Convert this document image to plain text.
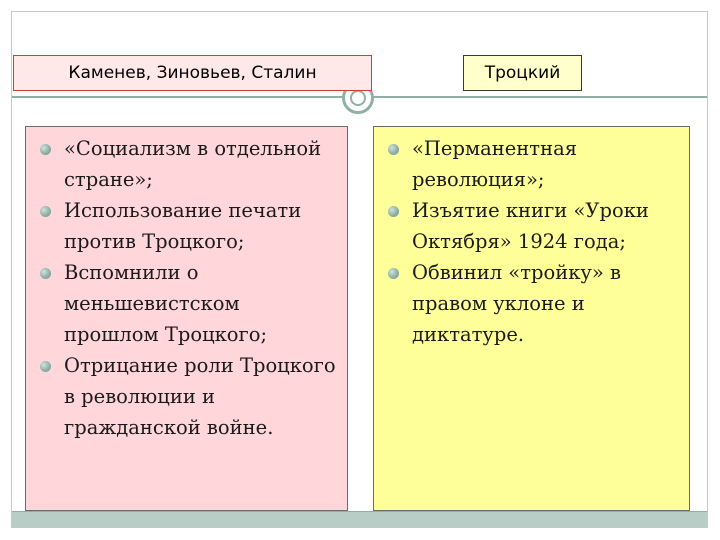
Каменев, Зиновьев, Сталин	Троцкий
«Социализм в отдельной стране»;
Использование печати против Троцкого;
Вспомнили о меньшевистском прошлом Троцкого;
Отрицание роли Троцкого в революции и гражданской войне.
«Перманентная революция»;
Изъятие книги «Уроки Октября» 1924 года;
Обвинил «тройку» в правом уклоне и диктатуре.
